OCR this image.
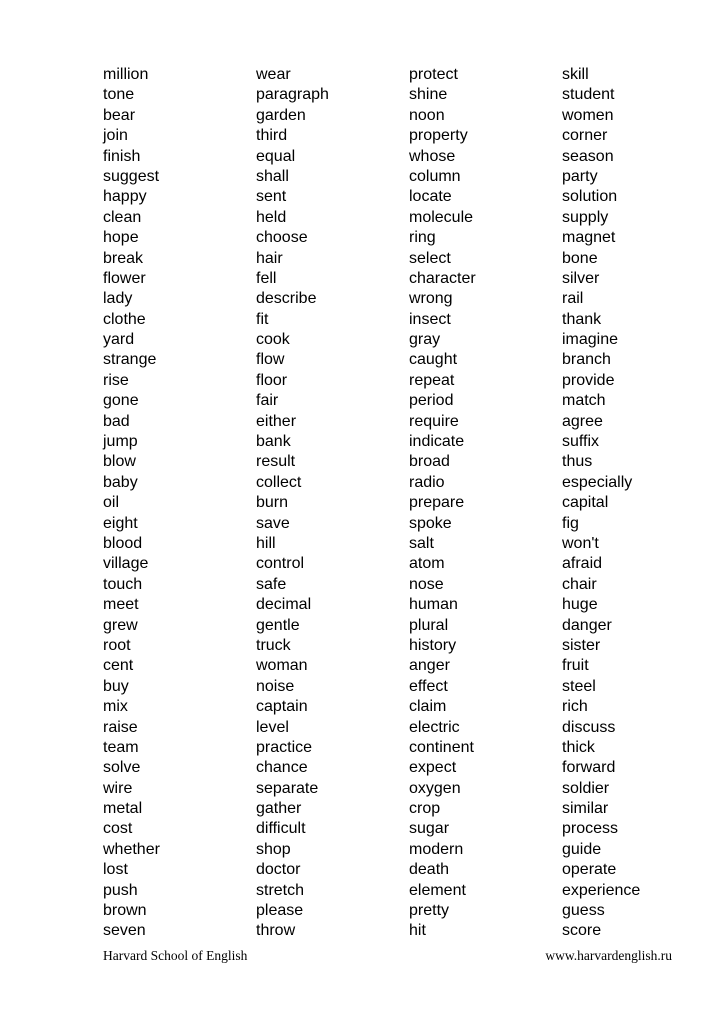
million
tone
bear
join
finish
suggest
happy
clean
hope
break
flower
lady
clothe
yard
strange
rise
gone
bad
jump
blow
baby
oil
eight
blood
village
touch
meet
grew
root
cent
buy
mix
raise
team
solve
wire
metal
cost
whether
lost
push
brown
seven
wear
paragraph
garden
third
equal
shall
sent
held
choose
hair
fell
describe
fit
cook
flow
floor
fair
either
bank
result
collect
burn
save
hill
control
safe
decimal
gentle
truck
woman
noise
captain
level
practice
chance
separate
gather
difficult
shop
doctor
stretch
please
throw
protect
shine
noon
property
whose
column
locate
molecule
ring
select
character
wrong
insect
gray
caught
repeat
period
require
indicate
broad
radio
prepare
spoke
salt
atom
nose
human
plural
history
anger
effect
claim
electric
continent
expect
oxygen
crop
sugar
modern
death
element
pretty
hit
skill
student
women
corner
season
party
solution
supply
magnet
bone
silver
rail
thank
imagine
branch
provide
match
agree
suffix
thus
especially
capital
fig
won't
afraid
chair
huge
danger
sister
fruit
steel
rich
discuss
thick
forward
soldier
similar
process
guide
operate
experience
guess
score
Harvard School of English	www.harvardenglish.ru
